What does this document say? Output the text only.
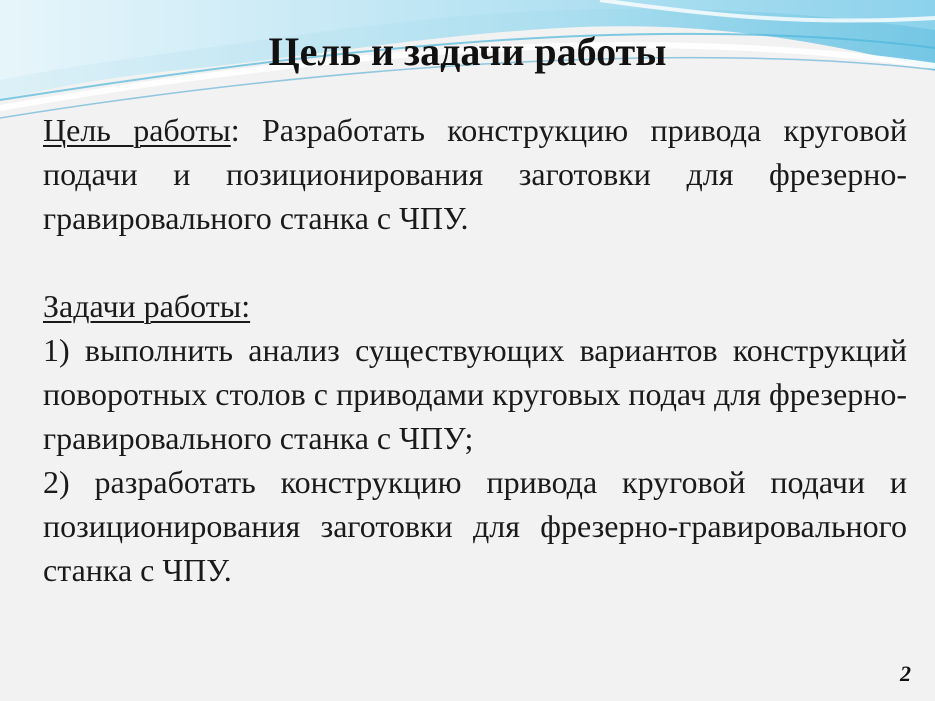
Цель и задачи работы

Цель работы: Разработать конструкцию привода круговой подачи и позиционирования заготовки для фрезерно-гравировального станка с ЧПУ.

Задачи работы:

1) выполнить анализ существующих вариантов конструкций поворотных столов с приводами круговых подач для фрезерно-гравировального станка с ЧПУ;

2) разработать конструкцию привода круговой подачи и позиционирования заготовки для фрезерно-гравировального станка с ЧПУ.

2
